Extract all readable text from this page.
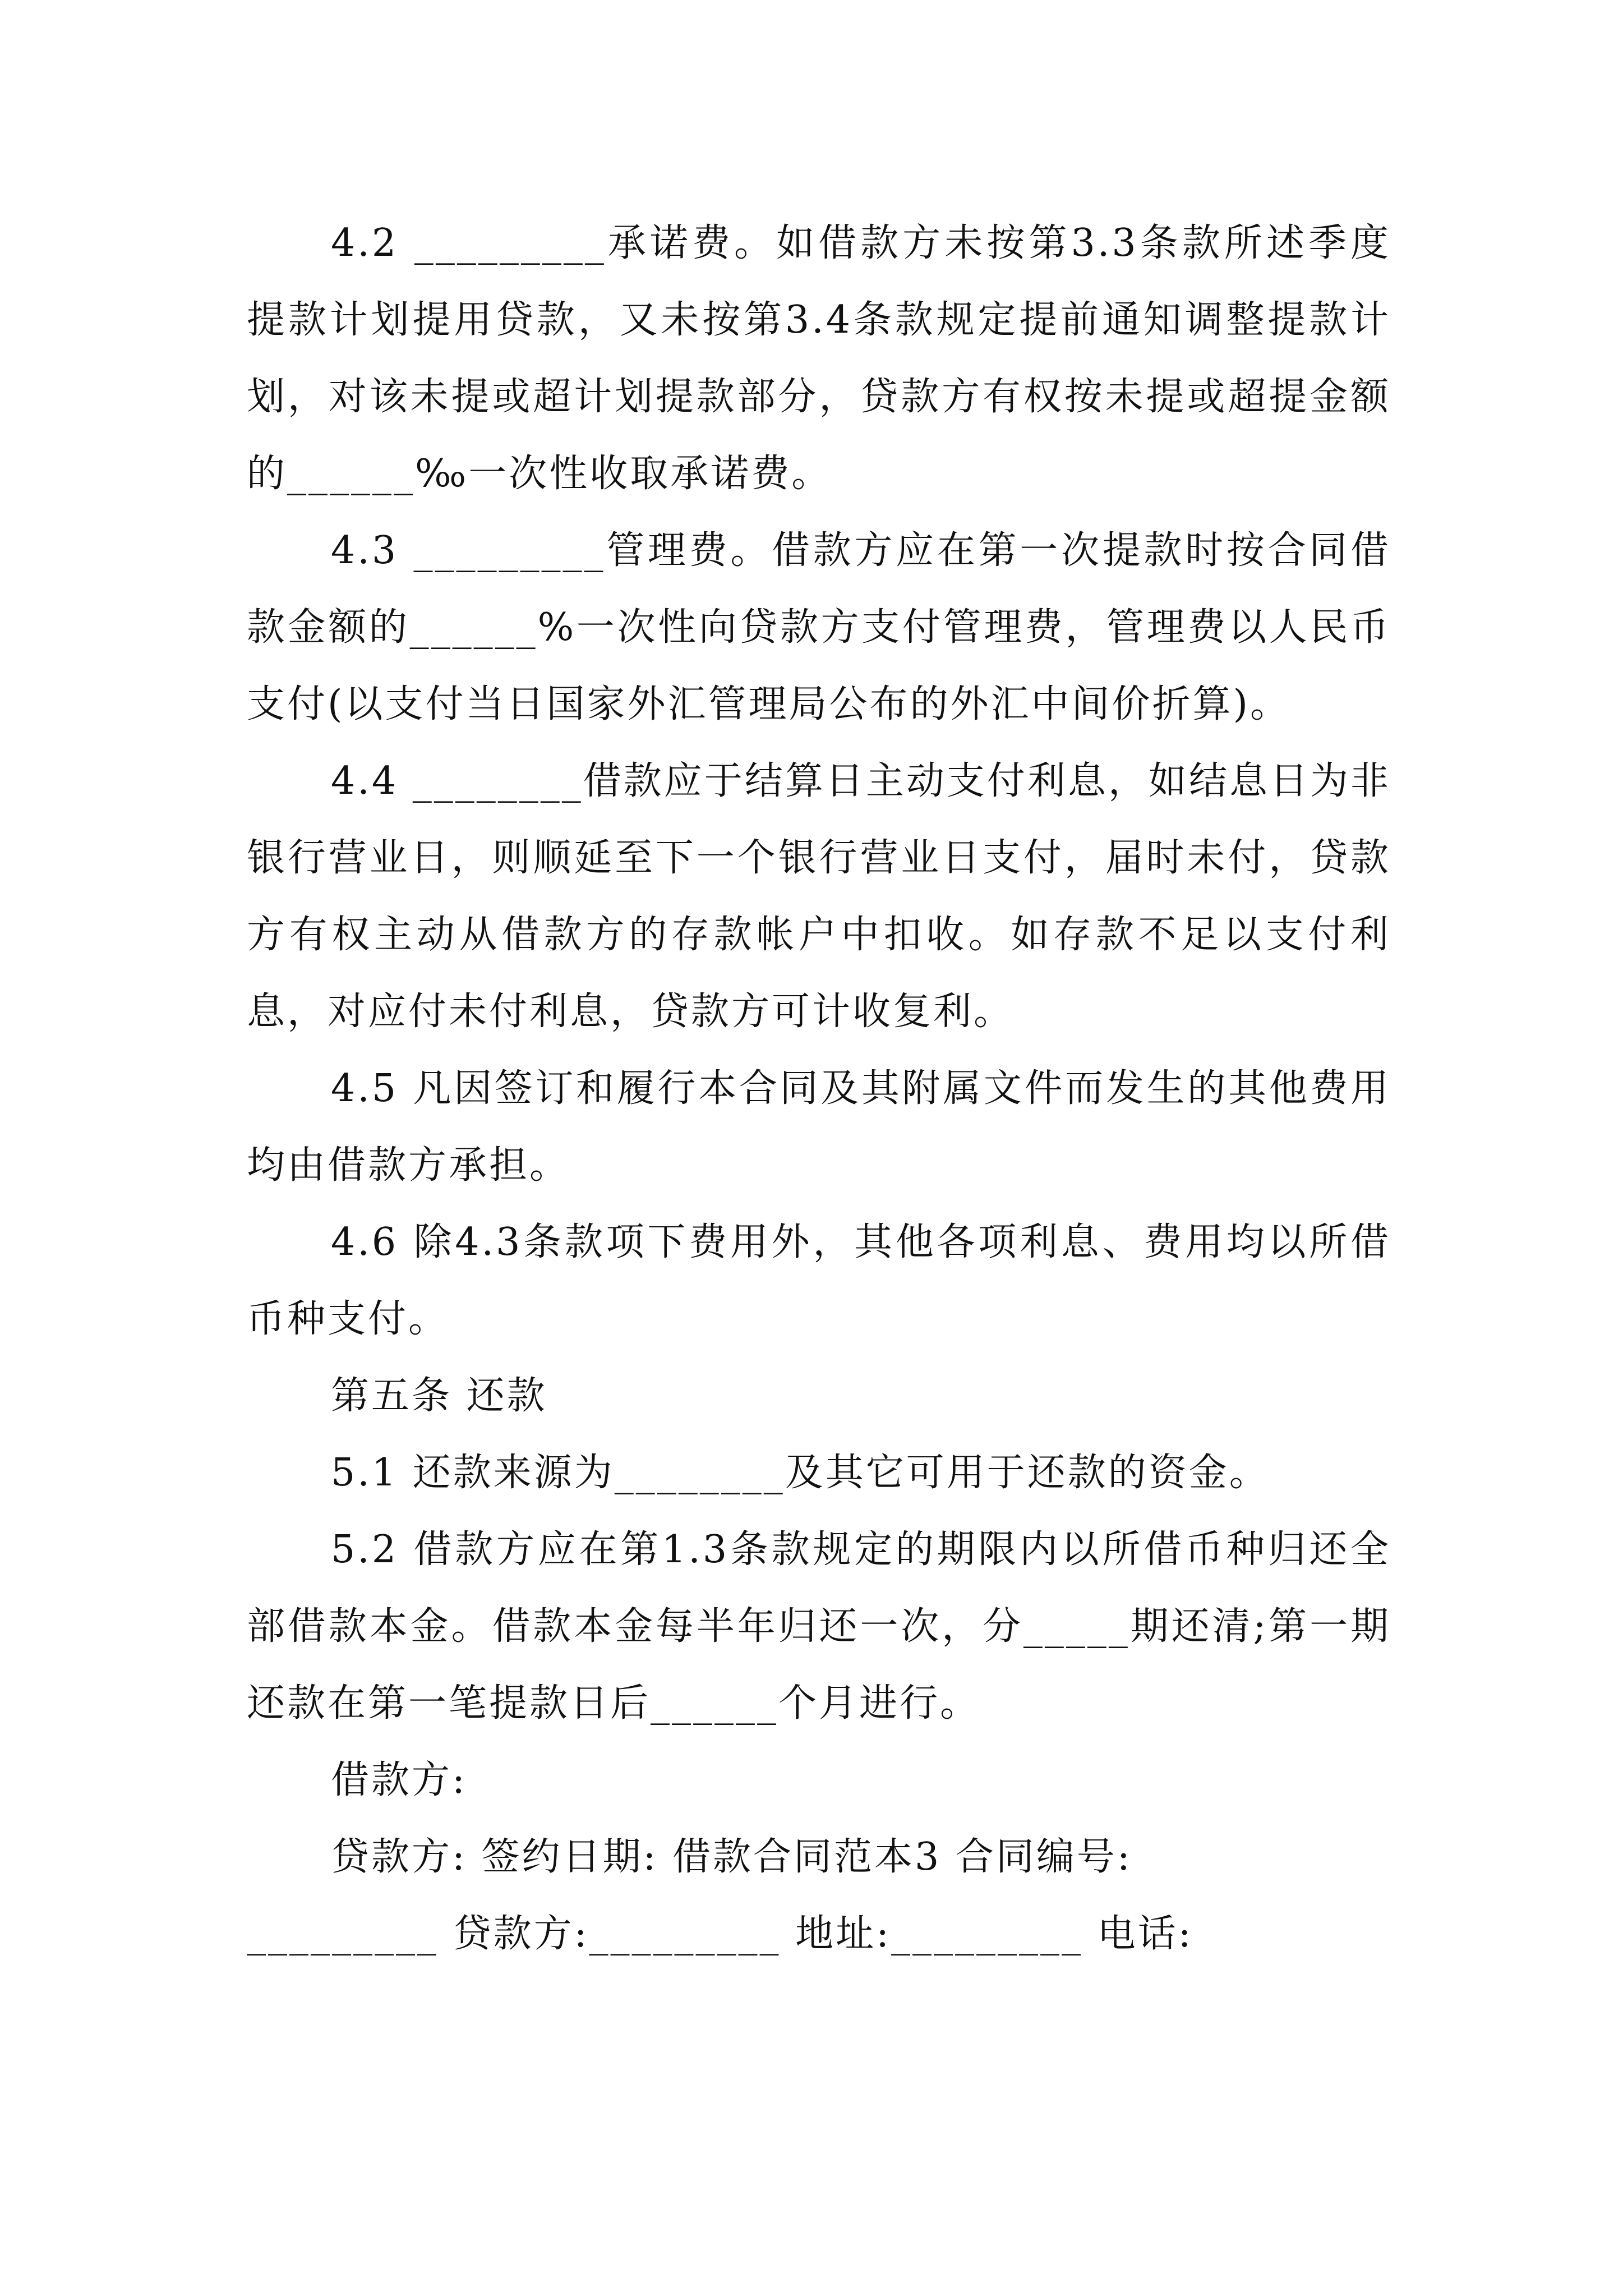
4.2 _________承诺费。如借款方未按第3.3条款所述季度提款计划提用贷款，又未按第3.4条款规定提前通知调整提款计划，对该未提或超计划提款部分，贷款方有权按未提或超提金额的______‰一次性收取承诺费。

4.3 _________管理费。借款方应在第一次提款时按合同借款金额的______%一次性向贷款方支付管理费，管理费以人民币支付(以支付当日国家外汇管理局公布的外汇中间价折算)。

4.4 ________借款应于结算日主动支付利息，如结息日为非银行营业日，则顺延至下一个银行营业日支付，届时未付，贷款方有权主动从借款方的存款帐户中扣收。如存款不足以支付利息，对应付未付利息，贷款方可计收复利。

4.5 凡因签订和履行本合同及其附属文件而发生的其他费用均由借款方承担。

4.6 除4.3条款项下费用外，其他各项利息、费用均以所借币种支付。

第五条 还款

5.1 还款来源为________及其它可用于还款的资金。

5.2 借款方应在第1.3条款规定的期限内以所借币种归还全部借款本金。借款本金每半年归还一次，分_____期还清;第一期还款在第一笔提款日后______个月进行。

借款方:

贷款方: 签约日期: 借款合同范本3 合同编号:

_________ 贷款方:_________ 地址:_________ 电话:
